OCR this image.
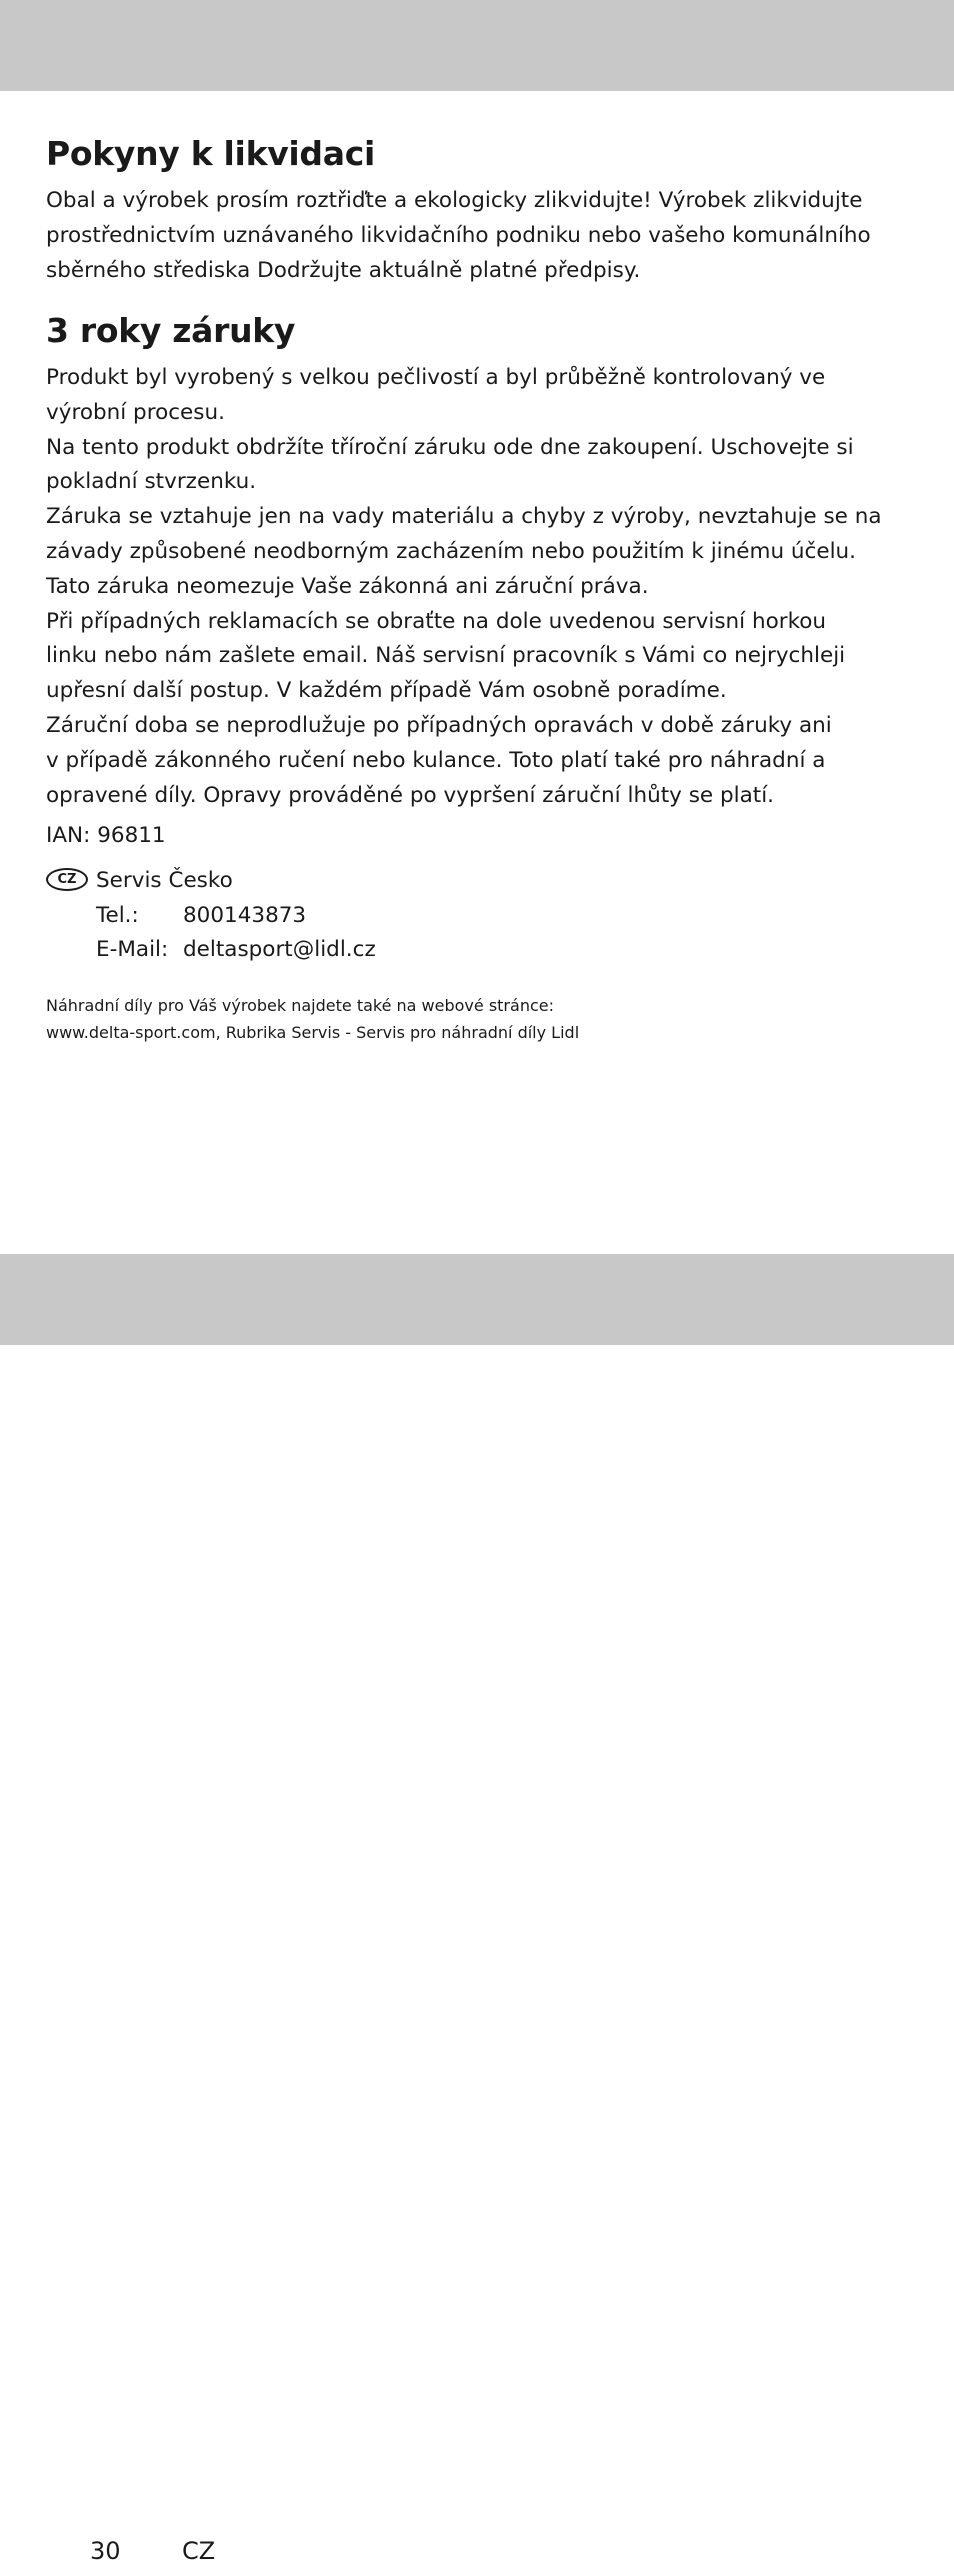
Pokyny k likvidaci

Obal a výrobek prosím roztřiďte a ekologicky zlikvidujte! Výrobek zlikvidujte
prostřednictvím uznávaného likvidačního podniku nebo vašeho komunálního
sběrného střediska Dodržujte aktuálně platné předpisy.

3 roky záruky

Produkt byl vyrobený s velkou pečlivostí a byl průběžně kontrolovaný ve
výrobní procesu.
Na tento produkt obdržíte tříroční záruku ode dne zakoupení. Uschovejte si
pokladní stvrzenku.
Záruka se vztahuje jen na vady materiálu a chyby z výroby, nevztahuje se na
závady způsobené neodborným zacházením nebo použitím k jinému účelu.
Tato záruka neomezuje Vaše zákonná ani záruční práva.
Při případných reklamacích se obraťte na dole uvedenou servisní horkou
linku nebo nám zašlete email. Náš servisní pracovník s Vámi co nejrychleji
upřesní další postup. V každém případě Vám osobně poradíme.
Záruční doba se neprodlužuje po případných opravách v době záruky ani
v případě zákonného ručení nebo kulance. Toto platí také pro náhradní a
opravené díly. Opravy prováděné po vypršení záruční lhůty se platí.

IAN: 96811
CZ Servis Česko
Tel.: 800143873
E-Mail: deltasport@lidl.cz
Náhradní díly pro Váš výrobek najdete také na webové stránce:
www.delta-sport.com, Rubrika Servis - Servis pro náhradní díly Lidl
30	CZ
